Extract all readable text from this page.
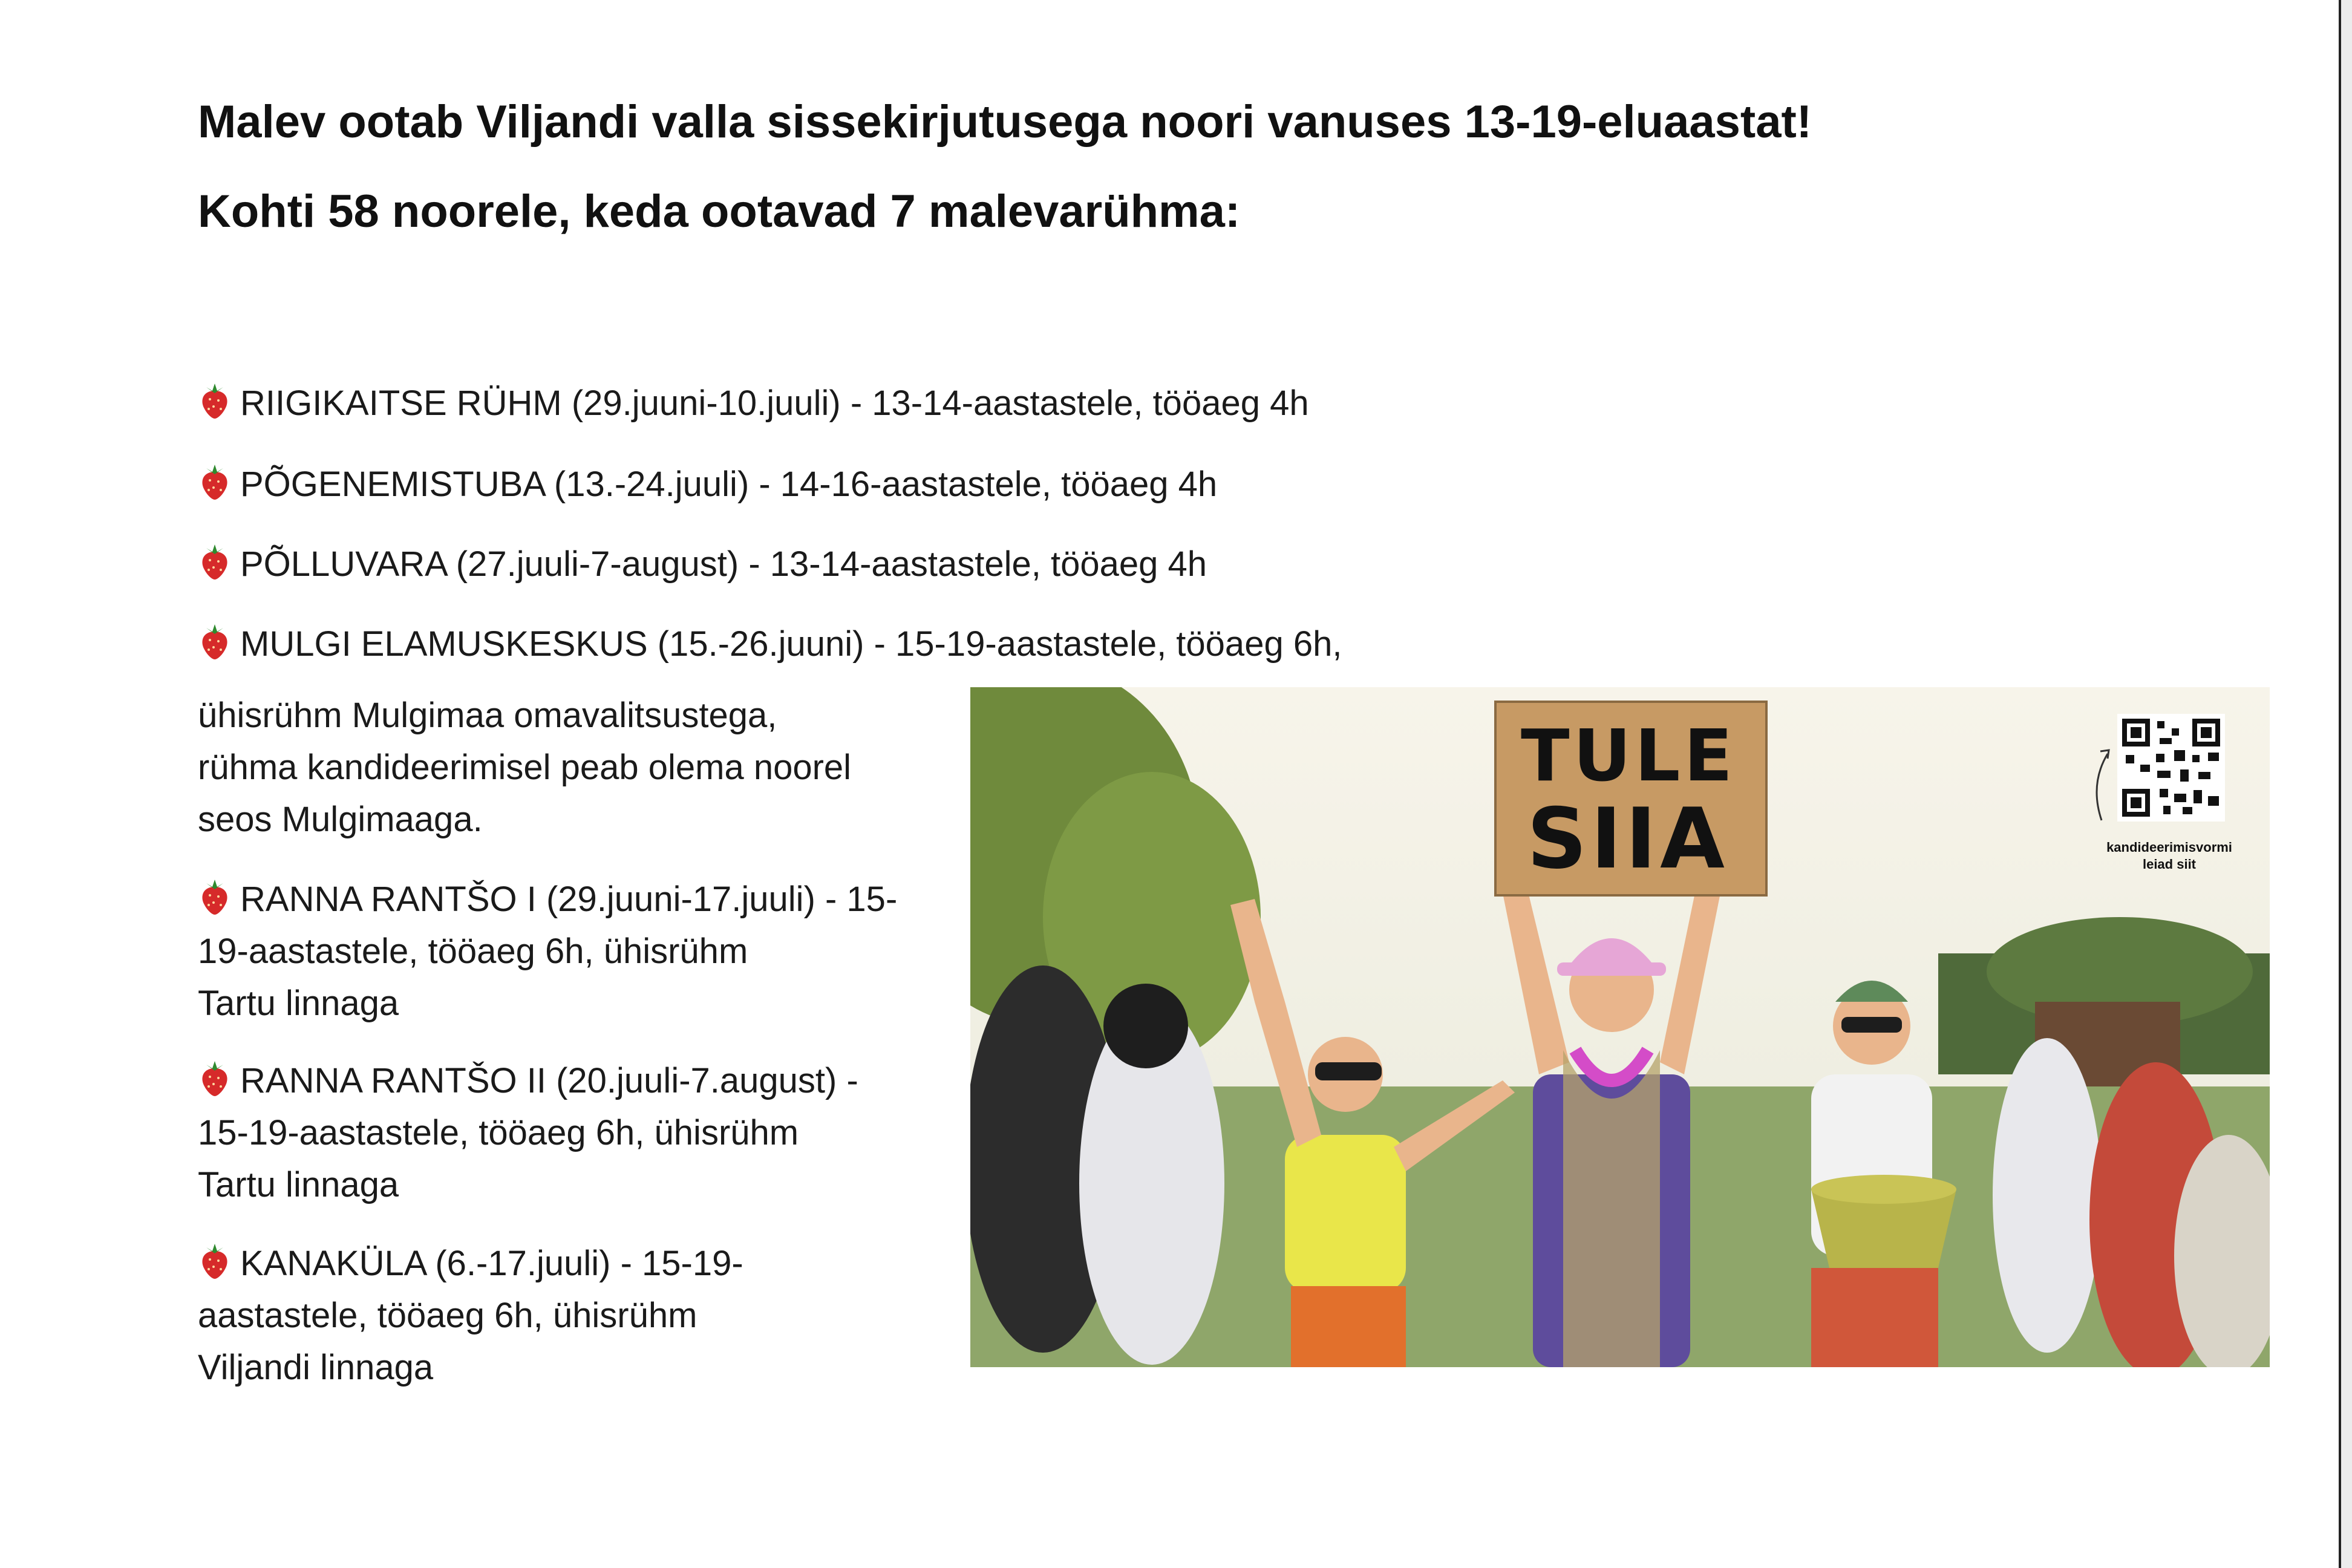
Malev ootab Viljandi valla sissekirjutusega noori vanuses 13-19-eluaastat!

Kohti 58 noorele, keda ootavad 7 malevarühma:

RIIGIKAITSE RÜHM (29.juuni-10.juuli) - 13-14-aastastele, tööaeg 4h

PÕGENEMISTUBA (13.-24.juuli) - 14-16-aastastele, tööaeg 4h

PÕLLUVARA (27.juuli-7-august) - 13-14-aastastele, tööaeg 4h

MULGI ELAMUSKESKUS (15.-26.juuni) - 15-19-aastastele, tööaeg 6h,

ühisrühm Mulgimaa omavalitsustega,

rühma kandideerimisel peab olema noorel

seos Mulgimaaga.

RANNA RANTŠO I (29.juuni-17.juuli) - 15-

19-aastastele, tööaeg 6h, ühisrühm

Tartu linnaga

RANNA RANTŠO II (20.juuli-7.august) -

15-19-aastastele, tööaeg 6h, ühisrühm

Tartu linnaga

KANAKÜLA (6.-17.juuli) - 15-19-

aastastele, tööaeg 6h, ühisrühm

Viljandi linnaga

TULE
SIIA	kandideerimisvormi
leiad siit
